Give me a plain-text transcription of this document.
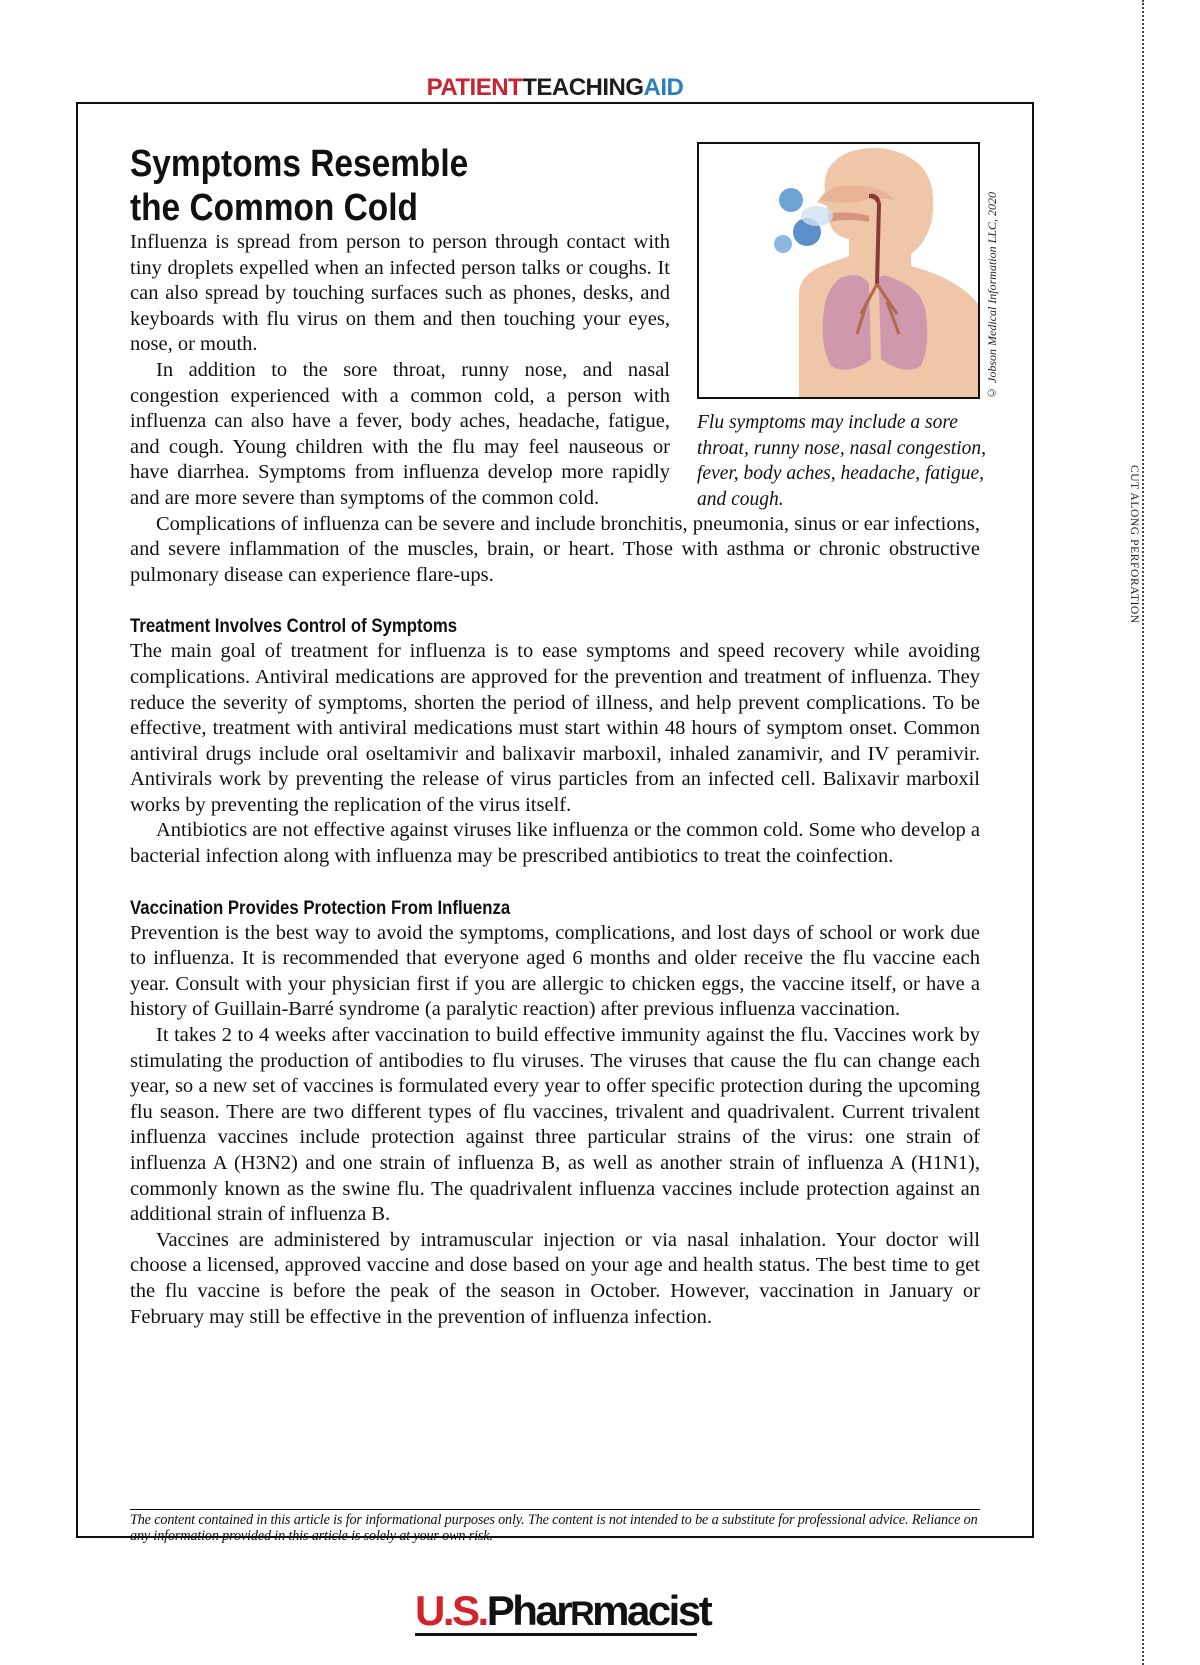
CUT ALONG PERFORATION
PATIENTTEACHINGAID
© Jobson Medical Information LLC, 2020
Flu symptoms may include a sore throat, runny nose, nasal congestion, fever, body aches, headache, fatigue, and cough.
Symptoms Resemble
the Common Cold

Influenza is spread from person to person through contact with tiny droplets expelled when an infected person talks or coughs. It can also spread by touching surfaces such as phones, desks, and keyboards with flu virus on them and then touching your eyes, nose, or mouth.

In addition to the sore throat, runny nose, and nasal congestion experienced with a common cold, a person with influenza can also have a fever, body aches, headache, fatigue, and cough. Young children with the flu may feel nauseous or have diarrhea. Symptoms from influenza develop more rapidly and are more severe than symptoms of the common cold.

Complications of influenza can be severe and include bronchitis, pneumonia, sinus or ear infections, and severe inflammation of the muscles, brain, or heart. Those with asthma or chronic obstructive pulmonary disease can experience flare-ups.

Treatment Involves Control of Symptoms

The main goal of treatment for influenza is to ease symptoms and speed recovery while avoiding complications. Antiviral medications are approved for the prevention and treatment of influenza. They reduce the severity of symptoms, shorten the period of illness, and help prevent complications. To be effective, treatment with antiviral medications must start within 48 hours of symptom onset. Common antiviral drugs include oral oseltamivir and balixavir marboxil, inhaled zanamivir, and IV peramivir. Antivirals work by preventing the release of virus particles from an infected cell. Balixavir marboxil works by preventing the replication of the virus itself.

Antibiotics are not effective against viruses like influenza or the common cold. Some who develop a bacterial infection along with influenza may be prescribed antibiotics to treat the coinfection.

Vaccination Provides Protection From Influenza

Prevention is the best way to avoid the symptoms, complications, and lost days of school or work due to influenza. It is recommended that everyone aged 6 months and older receive the flu vaccine each year. Consult with your physician first if you are allergic to chicken eggs, the vaccine itself, or have a history of Guillain-Barré syndrome (a paralytic reaction) after previous influenza vaccination.

It takes 2 to 4 weeks after vaccination to build effective immunity against the flu. Vaccines work by stimulating the production of antibodies to flu viruses. The viruses that cause the flu can change each year, so a new set of vaccines is formulated every year to offer specific protection during the upcoming flu season. There are two different types of flu vaccines, trivalent and quadrivalent. Current trivalent influenza vaccines include protection against three particular strains of the virus: one strain of influenza A (H3N2) and one strain of influenza B, as well as another strain of influenza A (H1N1), commonly known as the swine flu. The quadrivalent influenza vaccines include protection against an additional strain of influenza B.

Vaccines are administered by intramuscular injection or via nasal inhalation. Your doctor will choose a licensed, approved vaccine and dose based on your age and health status. The best time to get the flu vaccine is before the peak of the season in October. However, vaccination in January or February may still be effective in the prevention of influenza infection.

The content contained in this article is for informational purposes only. The content is not intended to be a substitute for professional advice. Reliance on any information provided in this article is solely at your own risk.
U.S.PharRmacist
